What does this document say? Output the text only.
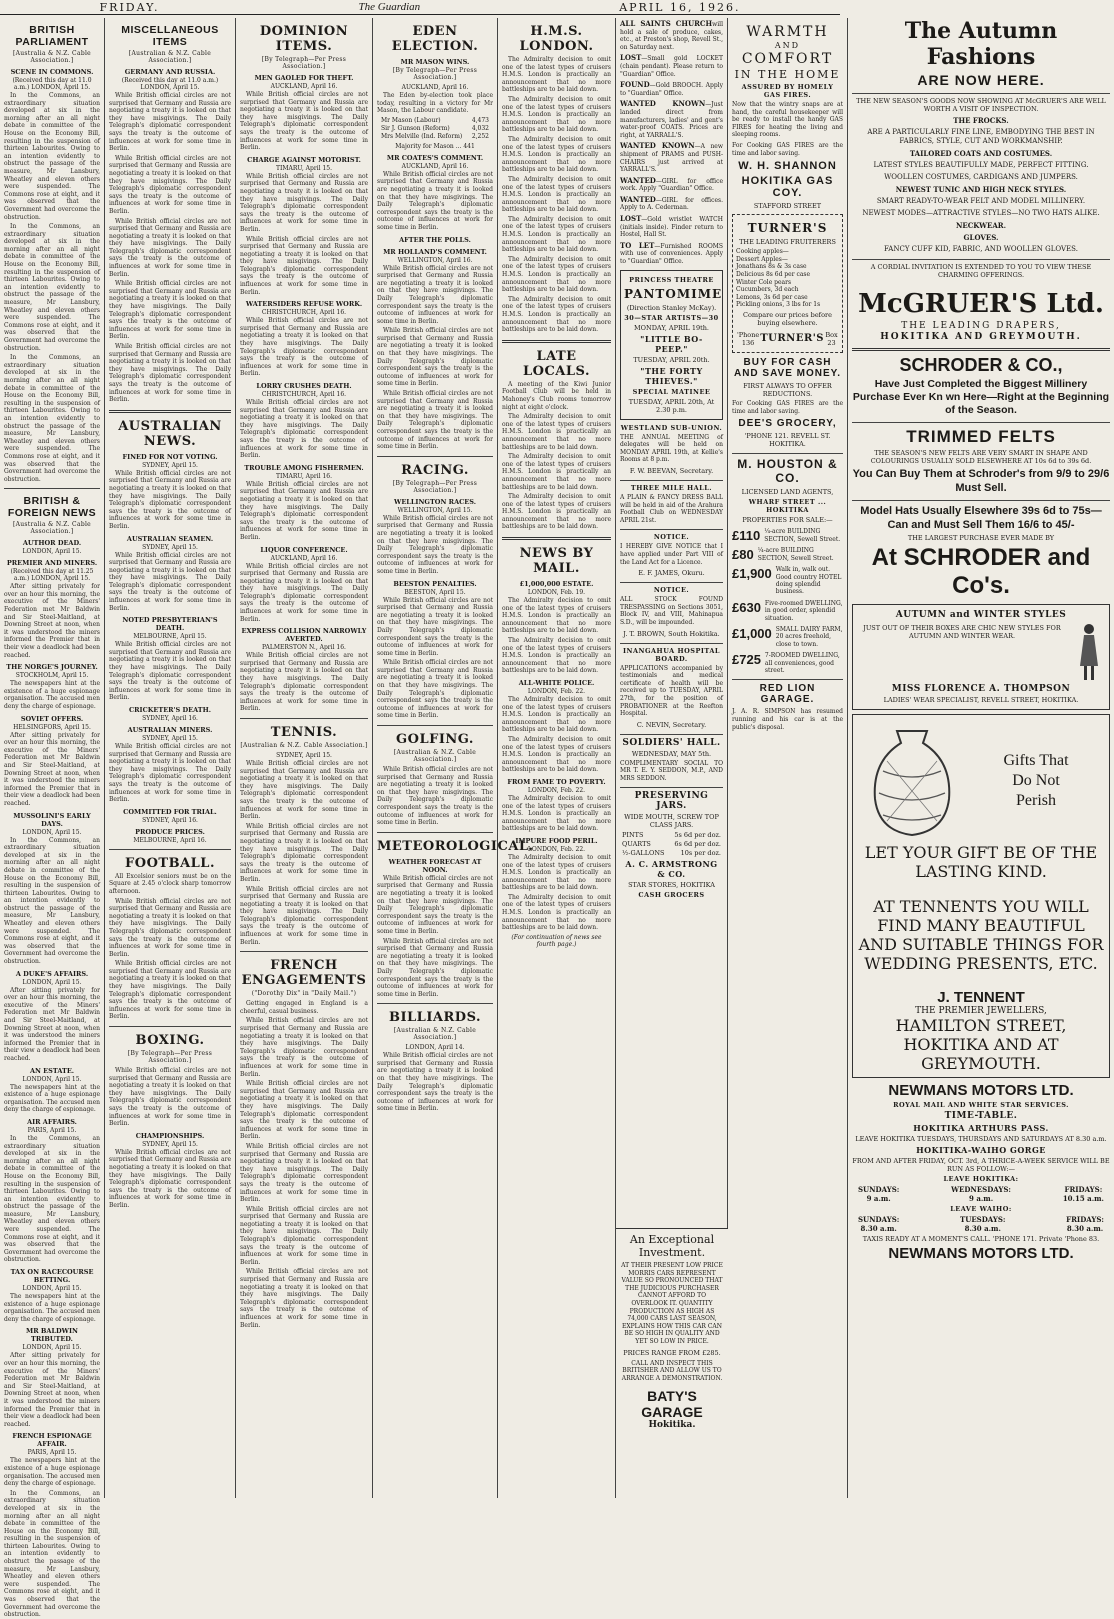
FRIDAY.	The Guardian	APRIL 16, 1926.
BRITISH PARLIAMENT
[Australia & N.Z. Cable Association.]
SCENE IN COMMONS.
(Received this day at 11.0 a.m.) LONDON, April 15.

In the Commons, an extraordinary situation developed at six in the morning after an all night debate in committee of the House on the Economy Bill, resulting in the suspension of thirteen Labourites. Owing to an intention evidently to obstruct the passage of the measure, Mr Lansbury, Wheatley and eleven others were suspended. The Commons rose at eight, and it was observed that the Government had overcome the obstruction.

In the Commons, an extraordinary situation developed at six in the morning after an all night debate in committee of the House on the Economy Bill, resulting in the suspension of thirteen Labourites. Owing to an intention evidently to obstruct the passage of the measure, Mr Lansbury, Wheatley and eleven others were suspended. The Commons rose at eight, and it was observed that the Government had overcome the obstruction.

In the Commons, an extraordinary situation developed at six in the morning after an all night debate in committee of the House on the Economy Bill, resulting in the suspension of thirteen Labourites. Owing to an intention evidently to obstruct the passage of the measure, Mr Lansbury, Wheatley and eleven others were suspended. The Commons rose at eight, and it was observed that the Government had overcome the obstruction.

BRITISH & FOREIGN NEWS
[Australia & N.Z. Cable Association.]
AUTHOR DEAD.
LONDON, April 15.
PREMIER AND MINERS.
(Received this day at 11.25 a.m.) LONDON, April 15.

After sitting privately for over an hour this morning, the executive of the Miners' Federation met Mr Baldwin and Sir Steel-Maitland, at Downing Street at noon, when it was understood the miners informed the Premier that in their view a deadlock had been reached.

THE NORGE'S JOURNEY.
STOCKHOLM, April 15.

The newspapers hint at the existence of a huge espionage organisation. The accused men deny the charge of espionage.

SOVIET OFFERS.
HELSINGFORS, April 15.

After sitting privately for over an hour this morning, the executive of the Miners' Federation met Mr Baldwin and Sir Steel-Maitland, at Downing Street at noon, when it was understood the miners informed the Premier that in their view a deadlock had been reached.

MUSSOLINI'S EARLY DAYS.
LONDON, April 15.

In the Commons, an extraordinary situation developed at six in the morning after an all night debate in committee of the House on the Economy Bill, resulting in the suspension of thirteen Labourites. Owing to an intention evidently to obstruct the passage of the measure, Mr Lansbury, Wheatley and eleven others were suspended. The Commons rose at eight, and it was observed that the Government had overcome the obstruction.

A DUKE'S AFFAIRS.
LONDON, April 15.

After sitting privately for over an hour this morning, the executive of the Miners' Federation met Mr Baldwin and Sir Steel-Maitland, at Downing Street at noon, when it was understood the miners informed the Premier that in their view a deadlock had been reached.

AN ESTATE.
LONDON, April 15.

The newspapers hint at the existence of a huge espionage organisation. The accused men deny the charge of espionage.

AIR AFFAIRS.
PARIS, April 15.

In the Commons, an extraordinary situation developed at six in the morning after an all night debate in committee of the House on the Economy Bill, resulting in the suspension of thirteen Labourites. Owing to an intention evidently to obstruct the passage of the measure, Mr Lansbury, Wheatley and eleven others were suspended. The Commons rose at eight, and it was observed that the Government had overcome the obstruction.

TAX ON RACECOURSE BETTING.
LONDON, April 15.

The newspapers hint at the existence of a huge espionage organisation. The accused men deny the charge of espionage.

MR BALDWIN TRIBUTED.
LONDON, April 15.

After sitting privately for over an hour this morning, the executive of the Miners' Federation met Mr Baldwin and Sir Steel-Maitland, at Downing Street at noon, when it was understood the miners informed the Premier that in their view a deadlock had been reached.

FRENCH ESPIONAGE AFFAIR.
PARIS, April 15.

The newspapers hint at the existence of a huge espionage organisation. The accused men deny the charge of espionage.

In the Commons, an extraordinary situation developed at six in the morning after an all night debate in committee of the House on the Economy Bill, resulting in the suspension of thirteen Labourites. Owing to an intention evidently to obstruct the passage of the measure, Mr Lansbury, Wheatley and eleven others were suspended. The Commons rose at eight, and it was observed that the Government had overcome the obstruction.

MISCELLANEOUS ITEMS
[Australian & N.Z. Cable Association.]
GERMANY AND RUSSIA.
(Received this day at 11.0 a.m.) LONDON, April 15.

While British official circles are not surprised that Germany and Russia are negotiating a treaty it is looked on that they have misgivings. The Daily Telegraph's diplomatic correspondent says the treaty is the outcome of influences at work for some time in Berlin.

While British official circles are not surprised that Germany and Russia are negotiating a treaty it is looked on that they have misgivings. The Daily Telegraph's diplomatic correspondent says the treaty is the outcome of influences at work for some time in Berlin.

While British official circles are not surprised that Germany and Russia are negotiating a treaty it is looked on that they have misgivings. The Daily Telegraph's diplomatic correspondent says the treaty is the outcome of influences at work for some time in Berlin.

While British official circles are not surprised that Germany and Russia are negotiating a treaty it is looked on that they have misgivings. The Daily Telegraph's diplomatic correspondent says the treaty is the outcome of influences at work for some time in Berlin.

While British official circles are not surprised that Germany and Russia are negotiating a treaty it is looked on that they have misgivings. The Daily Telegraph's diplomatic correspondent says the treaty is the outcome of influences at work for some time in Berlin.

AUSTRALIAN NEWS.
FINED FOR NOT VOTING.
SYDNEY, April 15.

While British official circles are not surprised that Germany and Russia are negotiating a treaty it is looked on that they have misgivings. The Daily Telegraph's diplomatic correspondent says the treaty is the outcome of influences at work for some time in Berlin.

AUSTRALIAN SEAMEN.
SYDNEY, April 15.

While British official circles are not surprised that Germany and Russia are negotiating a treaty it is looked on that they have misgivings. The Daily Telegraph's diplomatic correspondent says the treaty is the outcome of influences at work for some time in Berlin.

NOTED PRESBYTERIAN'S DEATH.
MELBOURNE, April 15.

While British official circles are not surprised that Germany and Russia are negotiating a treaty it is looked on that they have misgivings. The Daily Telegraph's diplomatic correspondent says the treaty is the outcome of influences at work for some time in Berlin.

CRICKETER'S DEATH.
SYDNEY, April 16.
AUSTRALIAN MINERS.
SYDNEY, April 15.

While British official circles are not surprised that Germany and Russia are negotiating a treaty it is looked on that they have misgivings. The Daily Telegraph's diplomatic correspondent says the treaty is the outcome of influences at work for some time in Berlin.

COMMITTED FOR TRIAL.
SYDNEY, April 16.
PRODUCE PRICES.
MELBOURNE, April 16.
FOOTBALL.

All Excelsior seniors must be on the Square at 2.45 o'clock sharp tomorrow afternoon.

While British official circles are not surprised that Germany and Russia are negotiating a treaty it is looked on that they have misgivings. The Daily Telegraph's diplomatic correspondent says the treaty is the outcome of influences at work for some time in Berlin.

While British official circles are not surprised that Germany and Russia are negotiating a treaty it is looked on that they have misgivings. The Daily Telegraph's diplomatic correspondent says the treaty is the outcome of influences at work for some time in Berlin.

BOXING.
[By Telegraph—Per Press Association.]

While British official circles are not surprised that Germany and Russia are negotiating a treaty it is looked on that they have misgivings. The Daily Telegraph's diplomatic correspondent says the treaty is the outcome of influences at work for some time in Berlin.

CHAMPIONSHIPS.
SYDNEY, April 15.

While British official circles are not surprised that Germany and Russia are negotiating a treaty it is looked on that they have misgivings. The Daily Telegraph's diplomatic correspondent says the treaty is the outcome of influences at work for some time in Berlin.

DOMINION ITEMS.
[By Telegraph—Per Press Association.]
MEN GAOLED FOR THEFT.
AUCKLAND, April 16.

While British official circles are not surprised that Germany and Russia are negotiating a treaty it is looked on that they have misgivings. The Daily Telegraph's diplomatic correspondent says the treaty is the outcome of influences at work for some time in Berlin.

CHARGE AGAINST MOTORIST.
TIMARU, April 15.

While British official circles are not surprised that Germany and Russia are negotiating a treaty it is looked on that they have misgivings. The Daily Telegraph's diplomatic correspondent says the treaty is the outcome of influences at work for some time in Berlin.

While British official circles are not surprised that Germany and Russia are negotiating a treaty it is looked on that they have misgivings. The Daily Telegraph's diplomatic correspondent says the treaty is the outcome of influences at work for some time in Berlin.

WATERSIDERS REFUSE WORK.
CHRISTCHURCH, April 16.

While British official circles are not surprised that Germany and Russia are negotiating a treaty it is looked on that they have misgivings. The Daily Telegraph's diplomatic correspondent says the treaty is the outcome of influences at work for some time in Berlin.

LORRY CRUSHES DEATH.
CHRISTCHURCH, April 16.

While British official circles are not surprised that Germany and Russia are negotiating a treaty it is looked on that they have misgivings. The Daily Telegraph's diplomatic correspondent says the treaty is the outcome of influences at work for some time in Berlin.

TROUBLE AMONG FISHERMEN.
TIMARU, April 16.

While British official circles are not surprised that Germany and Russia are negotiating a treaty it is looked on that they have misgivings. The Daily Telegraph's diplomatic correspondent says the treaty is the outcome of influences at work for some time in Berlin.

LIQUOR CONFERENCE.
AUCKLAND, April 16.

While British official circles are not surprised that Germany and Russia are negotiating a treaty it is looked on that they have misgivings. The Daily Telegraph's diplomatic correspondent says the treaty is the outcome of influences at work for some time in Berlin.

EXPRESS COLLISION NARROWLY AVERTED.
PALMERSTON N., April 16.

While British official circles are not surprised that Germany and Russia are negotiating a treaty it is looked on that they have misgivings. The Daily Telegraph's diplomatic correspondent says the treaty is the outcome of influences at work for some time in Berlin.

TENNIS.
[Australian & N.Z. Cable Association.]
SYDNEY, April 15.

While British official circles are not surprised that Germany and Russia are negotiating a treaty it is looked on that they have misgivings. The Daily Telegraph's diplomatic correspondent says the treaty is the outcome of influences at work for some time in Berlin.

While British official circles are not surprised that Germany and Russia are negotiating a treaty it is looked on that they have misgivings. The Daily Telegraph's diplomatic correspondent says the treaty is the outcome of influences at work for some time in Berlin.

While British official circles are not surprised that Germany and Russia are negotiating a treaty it is looked on that they have misgivings. The Daily Telegraph's diplomatic correspondent says the treaty is the outcome of influences at work for some time in Berlin.

FRENCH ENGAGEMENTS
("Dorothy Dix" in "Daily Mail.")

Getting engaged in England is a cheerful, casual business.

While British official circles are not surprised that Germany and Russia are negotiating a treaty it is looked on that they have misgivings. The Daily Telegraph's diplomatic correspondent says the treaty is the outcome of influences at work for some time in Berlin.

While British official circles are not surprised that Germany and Russia are negotiating a treaty it is looked on that they have misgivings. The Daily Telegraph's diplomatic correspondent says the treaty is the outcome of influences at work for some time in Berlin.

While British official circles are not surprised that Germany and Russia are negotiating a treaty it is looked on that they have misgivings. The Daily Telegraph's diplomatic correspondent says the treaty is the outcome of influences at work for some time in Berlin.

While British official circles are not surprised that Germany and Russia are negotiating a treaty it is looked on that they have misgivings. The Daily Telegraph's diplomatic correspondent says the treaty is the outcome of influences at work for some time in Berlin.

While British official circles are not surprised that Germany and Russia are negotiating a treaty it is looked on that they have misgivings. The Daily Telegraph's diplomatic correspondent says the treaty is the outcome of influences at work for some time in Berlin.

EDEN ELECTION.
MR MASON WINS.
[By Telegraph—Per Press Association.]
AUCKLAND, April 16.

The Eden by-election took place today, resulting in a victory for Mr Mason, the Labour candidate.

Mr Mason (Labour)	4,473
Sir J. Gunson (Reform)	4,032
Mrs Melville (Ind. Reform) 2,252
Majority for Mason ... 441
MR COATES'S COMMENT.
AUCKLAND, April 16.

While British official circles are not surprised that Germany and Russia are negotiating a treaty it is looked on that they have misgivings. The Daily Telegraph's diplomatic correspondent says the treaty is the outcome of influences at work for some time in Berlin.

AFTER THE POLLS.
MR HOLLAND'S COMMENT.
WELLINGTON, April 16.

While British official circles are not surprised that Germany and Russia are negotiating a treaty it is looked on that they have misgivings. The Daily Telegraph's diplomatic correspondent says the treaty is the outcome of influences at work for some time in Berlin.

While British official circles are not surprised that Germany and Russia are negotiating a treaty it is looked on that they have misgivings. The Daily Telegraph's diplomatic correspondent says the treaty is the outcome of influences at work for some time in Berlin.

While British official circles are not surprised that Germany and Russia are negotiating a treaty it is looked on that they have misgivings. The Daily Telegraph's diplomatic correspondent says the treaty is the outcome of influences at work for some time in Berlin.

RACING.
[By Telegraph—Per Press Association.]
WELLINGTON RACES.
WELLINGTON, April 15.

While British official circles are not surprised that Germany and Russia are negotiating a treaty it is looked on that they have misgivings. The Daily Telegraph's diplomatic correspondent says the treaty is the outcome of influences at work for some time in Berlin.

BEESTON PENALTIES.
BEESTON, April 15.

While British official circles are not surprised that Germany and Russia are negotiating a treaty it is looked on that they have misgivings. The Daily Telegraph's diplomatic correspondent says the treaty is the outcome of influences at work for some time in Berlin.

While British official circles are not surprised that Germany and Russia are negotiating a treaty it is looked on that they have misgivings. The Daily Telegraph's diplomatic correspondent says the treaty is the outcome of influences at work for some time in Berlin.

GOLFING.
[Australian & N.Z. Cable Association.]

While British official circles are not surprised that Germany and Russia are negotiating a treaty it is looked on that they have misgivings. The Daily Telegraph's diplomatic correspondent says the treaty is the outcome of influences at work for some time in Berlin.

METEOROLOGICAL.
WEATHER FORECAST AT NOON.

While British official circles are not surprised that Germany and Russia are negotiating a treaty it is looked on that they have misgivings. The Daily Telegraph's diplomatic correspondent says the treaty is the outcome of influences at work for some time in Berlin.

While British official circles are not surprised that Germany and Russia are negotiating a treaty it is looked on that they have misgivings. The Daily Telegraph's diplomatic correspondent says the treaty is the outcome of influences at work for some time in Berlin.

BILLIARDS.
[Australian & N.Z. Cable Association.]
LONDON, April 14.

While British official circles are not surprised that Germany and Russia are negotiating a treaty it is looked on that they have misgivings. The Daily Telegraph's diplomatic correspondent says the treaty is the outcome of influences at work for some time in Berlin.

H.M.S. LONDON.

The Admiralty decision to omit one of the latest types of cruisers H.M.S. London is practically an announcement that no more battleships are to be laid down.

The Admiralty decision to omit one of the latest types of cruisers H.M.S. London is practically an announcement that no more battleships are to be laid down.

The Admiralty decision to omit one of the latest types of cruisers H.M.S. London is practically an announcement that no more battleships are to be laid down.

The Admiralty decision to omit one of the latest types of cruisers H.M.S. London is practically an announcement that no more battleships are to be laid down.

The Admiralty decision to omit one of the latest types of cruisers H.M.S. London is practically an announcement that no more battleships are to be laid down.

The Admiralty decision to omit one of the latest types of cruisers H.M.S. London is practically an announcement that no more battleships are to be laid down.

The Admiralty decision to omit one of the latest types of cruisers H.M.S. London is practically an announcement that no more battleships are to be laid down.

LATE LOCALS.

A meeting of the Kiwi Junior Football Club will be held in Mahoney's Club rooms tomorrow night at eight o'clock.

The Admiralty decision to omit one of the latest types of cruisers H.M.S. London is practically an announcement that no more battleships are to be laid down.

The Admiralty decision to omit one of the latest types of cruisers H.M.S. London is practically an announcement that no more battleships are to be laid down.

The Admiralty decision to omit one of the latest types of cruisers H.M.S. London is practically an announcement that no more battleships are to be laid down.

NEWS BY MAIL.
£1,000,000 ESTATE.
LONDON, Feb. 19.

The Admiralty decision to omit one of the latest types of cruisers H.M.S. London is practically an announcement that no more battleships are to be laid down.

The Admiralty decision to omit one of the latest types of cruisers H.M.S. London is practically an announcement that no more battleships are to be laid down.

ALL-WHITE POLICE.
LONDON, Feb. 22.

The Admiralty decision to omit one of the latest types of cruisers H.M.S. London is practically an announcement that no more battleships are to be laid down.

The Admiralty decision to omit one of the latest types of cruisers H.M.S. London is practically an announcement that no more battleships are to be laid down.

FROM FAME TO POVERTY.
LONDON, Feb. 22.

The Admiralty decision to omit one of the latest types of cruisers H.M.S. London is practically an announcement that no more battleships are to be laid down.

IMPURE FOOD PERIL.
LONDON, Feb. 22.

The Admiralty decision to omit one of the latest types of cruisers H.M.S. London is practically an announcement that no more battleships are to be laid down.

The Admiralty decision to omit one of the latest types of cruisers H.M.S. London is practically an announcement that no more battleships are to be laid down.

(For continuation of news see fourth page.)

ALL SAINTS CHURCHwill hold a sale of produce, cakes, etc., at Preston's shop, Revell St., on Saturday next.

LOST—Small gold LOCKET (chain pendant). Please return to "Guardian" Office.

FOUND—Gold BROOCH. Apply to "Guardian" Office.

WANTED KNOWN—Just landed direct from manufacturers, ladies' and gent's water-proof COATS. Prices are right, at YARRALL'S.

WANTED KNOWN—A new shipment of PRAMS and PUSH-CHAIRS just arrived at YARRALL'S.

WANTED—GIRL for office work. Apply "Guardian" Office.

WANTED—GIRL for offices. Apply to A. Cederman.

LOST—Gold wristlet WATCH (initials inside). Finder return to Hostel, Hall St.

TO LET—Furnished ROOMS with use of conveniences. Apply to "Guardian" Office.

PRINCESS THEATRE
PANTOMIME
(Direction Stanley McKay).
30—STAR ARTISTS—30
MONDAY, APRIL 19th.
"LITTLE BO-PEEP."
TUESDAY, APRIL 20th.
"THE FORTY THIEVES."
SPECIAL MATINEE
TUESDAY, APRIL 20th, At 2.30 p.m.
WESTLAND SUB-UNION.

THE ANNUAL MEETING of delegates will be held on MONDAY APRIL 19th, at Kellie's Rooms at 8 p.m.

F. W. BEEVAN, Secretary.
THREE MILE HALL.

A PLAIN & FANCY DRESS BALL will be held in aid of the Arahura Football Club on WEDNESDAY APRIL 21st.

NOTICE.

I HEREBY GIVE NOTICE that I have applied under Part VIII of the Land Act for a Licence.

E. F. JAMES, Okuru.
NOTICE.

ALL STOCK FOUND TRESPASSING on Sections 3051, Block IV, and VIII, Mahinapua S.D., will be impounded.

J. T. BROWN, South Hokitika.
INANGAHUA HOSPITAL BOARD.

APPLICATIONS accompanied by testimonials and medical certificate of health will be received up to TUESDAY, APRIL 27th, for the position of PROBATIONER at the Reefton Hospital.

C. NEVIN, Secretary.
SOLDIERS' HALL.
WEDNESDAY, MAY 5th.

COMPLIMENTARY SOCIAL TO MR T. E. Y. SEDDON, M.P., AND MRS SEDDON.

PRESERVING JARS.
WIDE MOUTH, SCREW TOP CLASS JARS.
PINTS	5s 6d per doz.
QUARTS	6s 6d per doz.
½-GALLONS 10s per doz.
A. C. ARMSTRONG & CO.
STAR STORES, HOKITIKA
CASH GROCERS
An Exceptional Investment.

AT THEIR PRESENT LOW PRICE MORRIS CARS REPRESENT VALUE SO PRONOUNCED THAT THE JUDICIOUS PURCHASER CANNOT AFFORD TO OVERLOOK IT. QUANTITY PRODUCTION AS HIGH AS 74,000 CARS LAST SEASON, EXPLAINS HOW THIS CAR CAN BE SO HIGH IN QUALITY AND YET SO LOW IN PRICE.

PRICES RANGE FROM £285.

CALL AND INSPECT THIS BRITISHER AND ALLOW US TO ARRANGE A DEMONSTRATION.

BATY'S GARAGE
Hokitika.
WARMTH
AND
COMFORT
IN THE HOME
ASSURED BY HOMELY GAS FIRES.

Now that the wintry snaps are at hand, the careful housekeeper will be ready to install the handy GAS FIRES for heating the living and sleeping rooms.

For Cooking GAS FIRES are the time and labor saving.

W. H. SHANNON
HOKITIKA GAS COY.
STAFFORD STREET
TURNER'S
THE LEADING FRUITERERS
Cooking apples—
Dessert Apples—
Jonathans 8s & 3s case
Delicious 8s 6d per case
Winter Cole pears
Cucumbers, 3d each
Lemons, 3s 6d per case
Pickling onions, 3 lbs for 1s
Compare our prices before buying elsewhere.
'Phone 136 TURNER'S Box 23
BUY FOR CASH AND SAVE MONEY.
FIRST ALWAYS TO OFFER REDUCTIONS.

For Cooking GAS FIRES are the time and labor saving.

DEE'S GROCERY,
'PHONE 121. REVELL ST. HOKITIKA.
M. HOUSTON & CO.
LICENSED LAND AGENTS,
WHARF STREET ... HOKITIKA
PROPERTIES FOR SALE:—
£110 ¼-acre BUILDING SECTION, Sewell Street.
£80 ¼-acre BUILDING SECTION, Sewell Street.
£1,900 Walk in, walk out. Good country HOTEL doing splendid business.
£630 Five-roomed DWELLING, in good order, splendid situation.
£1,000 SMALL DAIRY FARM, 20 acres freehold, close to town.
£725 7-ROOMED DWELLING, all conveniences, good street.
RED LION GARAGE.

J. A. R. SIMPSON has resumed running and his car is at the public's disposal.

The Autumn Fashions
ARE NOW HERE.

THE NEW SEASON'S GOODS NOW SHOWING AT McGRUER'S ARE WELL WORTH A VISIT OF INSPECTION.

THE FROCKS.
ARE A PARTICULARLY FINE LINE, EMBODYING THE BEST IN FABRICS, STYLE, CUT AND WORKMANSHIP.
TAILORED COATS AND COSTUMES.
LATEST STYLES BEAUTIFULLY MADE, PERFECT FITTING.
WOOLLEN COSTUMES, CARDIGANS AND JUMPERS.
NEWEST TUNIC AND HIGH NECK STYLES.
SMART READY-TO-WEAR FELT AND MODEL MILLINERY.
NEWEST MODES—ATTRACTIVE STYLES—NO TWO HATS ALIKE.
NECKWEAR.
GLOVES.
FANCY CUFF KID, FABRIC, AND WOOLLEN GLOVES.

A CORDIAL INVITATION IS EXTENDED TO YOU TO VIEW THESE CHARMING OFFERINGS.

McGRUER'S Ltd.
THE LEADING DRAPERS,
HOKITIKA AND GREYMOUTH.
SCHRODER & CO.,
Have Just Completed the Biggest Millinery Purchase Ever Kn wn Here—Right at the Beginning of the Season.
TRIMMED FELTS

THE SEASON'S NEW FELTS ARE VERY SMART IN SHAPE AND COLOURINGS USUALLY SOLD ELSEWHERE AT 10s 6d to 39s 6d.

You Can Buy Them at Schroder's from 9/9 to 29/6 Must Sell.
Model Hats Usually Elsewhere 39s 6d to 75s—Can and Must Sell Them 16/6 to 45/-
THE LARGEST PURCHASE EVER MADE BY
At SCHRODER and Co's.
AUTUMN and WINTER STYLES

JUST OUT OF THEIR BOXES ARE CHIC NEW STYLES FOR AUTUMN AND WINTER WEAR.

MISS FLORENCE A. THOMPSON
LADIES' WEAR SPECIALIST, REVELL STREET, HOKITIKA.
Gifts That
Do Not
Perish
LET YOUR GIFT BE OF THE LASTING KIND.

AT TENNENTS YOU WILL FIND MANY BEAUTIFUL AND SUITABLE THINGS FOR WEDDING PRESENTS, ETC.

J. TENNENT
THE PREMIER JEWELLERS,
HAMILTON STREET, HOKITIKA AND AT GREYMOUTH.
NEWMANS MOTORS LTD.
ROYAL MAIL AND WHITE STAR SERVICES.
TIME-TABLE.
HOKITIKA ARTHURS PASS.

LEAVE HOKITIKA TUESDAYS, THURSDAYS AND SATURDAYS AT 8.30 a.m.

HOKITIKA-WAIHO GORGE

FROM AND AFTER FRIDAY, OCT. 3rd, A THRICE-A-WEEK SERVICE WILL BE RUN AS FOLLOW:—

LEAVE HOKITIKA:
SUNDAYS:
9 a.m.
WEDNESDAYS:
9 a.m.
FRIDAYS:
10.15 a.m.
LEAVE WAIHO:
SUNDAYS:
8.30 a.m.
TUESDAYS:
8.30 a.m.
FRIDAYS:
8.30 a.m.

TAXIS READY AT A MOMENT'S CALL. 'PHONE 171. Private 'Phone 83.

NEWMANS MOTORS LTD.
